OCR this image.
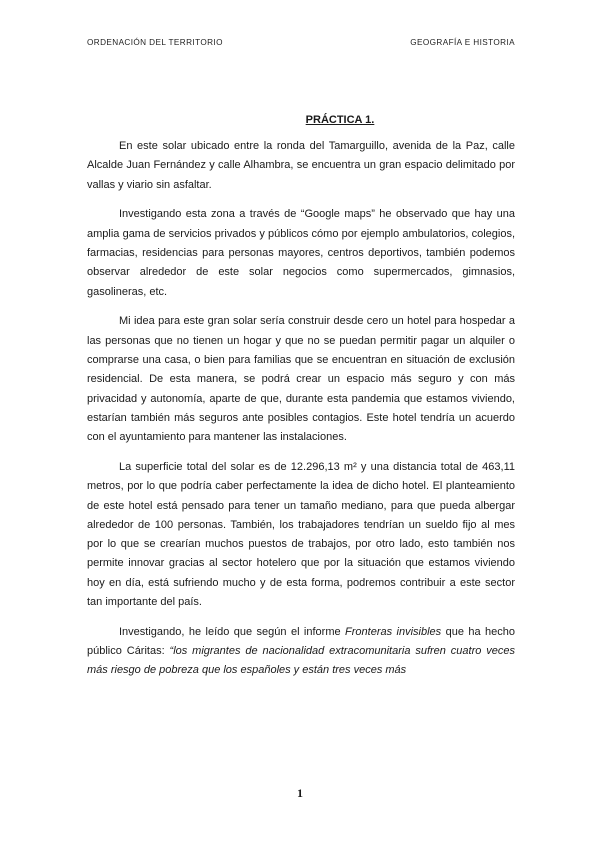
ORDENACIÓN DEL TERRITORIO	GEOGRAFÍA E HISTORIA
PRÁCTICA 1.

En este solar ubicado entre la ronda del Tamarguillo, avenida de la Paz, calle Alcalde Juan Fernández y calle Alhambra, se encuentra un gran espacio delimitado por vallas y viario sin asfaltar.

Investigando esta zona a través de “Google maps” he observado que hay una amplia gama de servicios privados y públicos cómo por ejemplo ambulatorios, colegios, farmacias, residencias para personas mayores, centros deportivos, también podemos observar alrededor de este solar negocios como supermercados, gimnasios, gasolineras, etc.

Mi idea para este gran solar sería construir desde cero un hotel para hospedar a las personas que no tienen un hogar y que no se puedan permitir pagar un alquiler o comprarse una casa, o bien para familias que se encuentran en situación de exclusión residencial. De esta manera, se podrá crear un espacio más seguro y con más privacidad y autonomía, aparte de que, durante esta pandemia que estamos viviendo, estarían también más seguros ante posibles contagios. Este hotel tendría un acuerdo con el ayuntamiento para mantener las instalaciones.

La superficie total del solar es de 12.296,13 m² y una distancia total de 463,11 metros, por lo que podría caber perfectamente la idea de dicho hotel. El planteamiento de este hotel está pensado para tener un tamaño mediano, para que pueda albergar alrededor de 100 personas. También, los trabajadores tendrían un sueldo fijo al mes por lo que se crearían muchos puestos de trabajos, por otro lado, esto también nos permite innovar gracias al sector hotelero que por la situación que estamos viviendo hoy en día, está sufriendo mucho y de esta forma, podremos contribuir a este sector tan importante del país.

Investigando, he leído que según el informe Fronteras invisibles que ha hecho público Cáritas: “los migrantes de nacionalidad extracomunitaria sufren cuatro veces más riesgo de pobreza que los españoles y están tres veces más

1
